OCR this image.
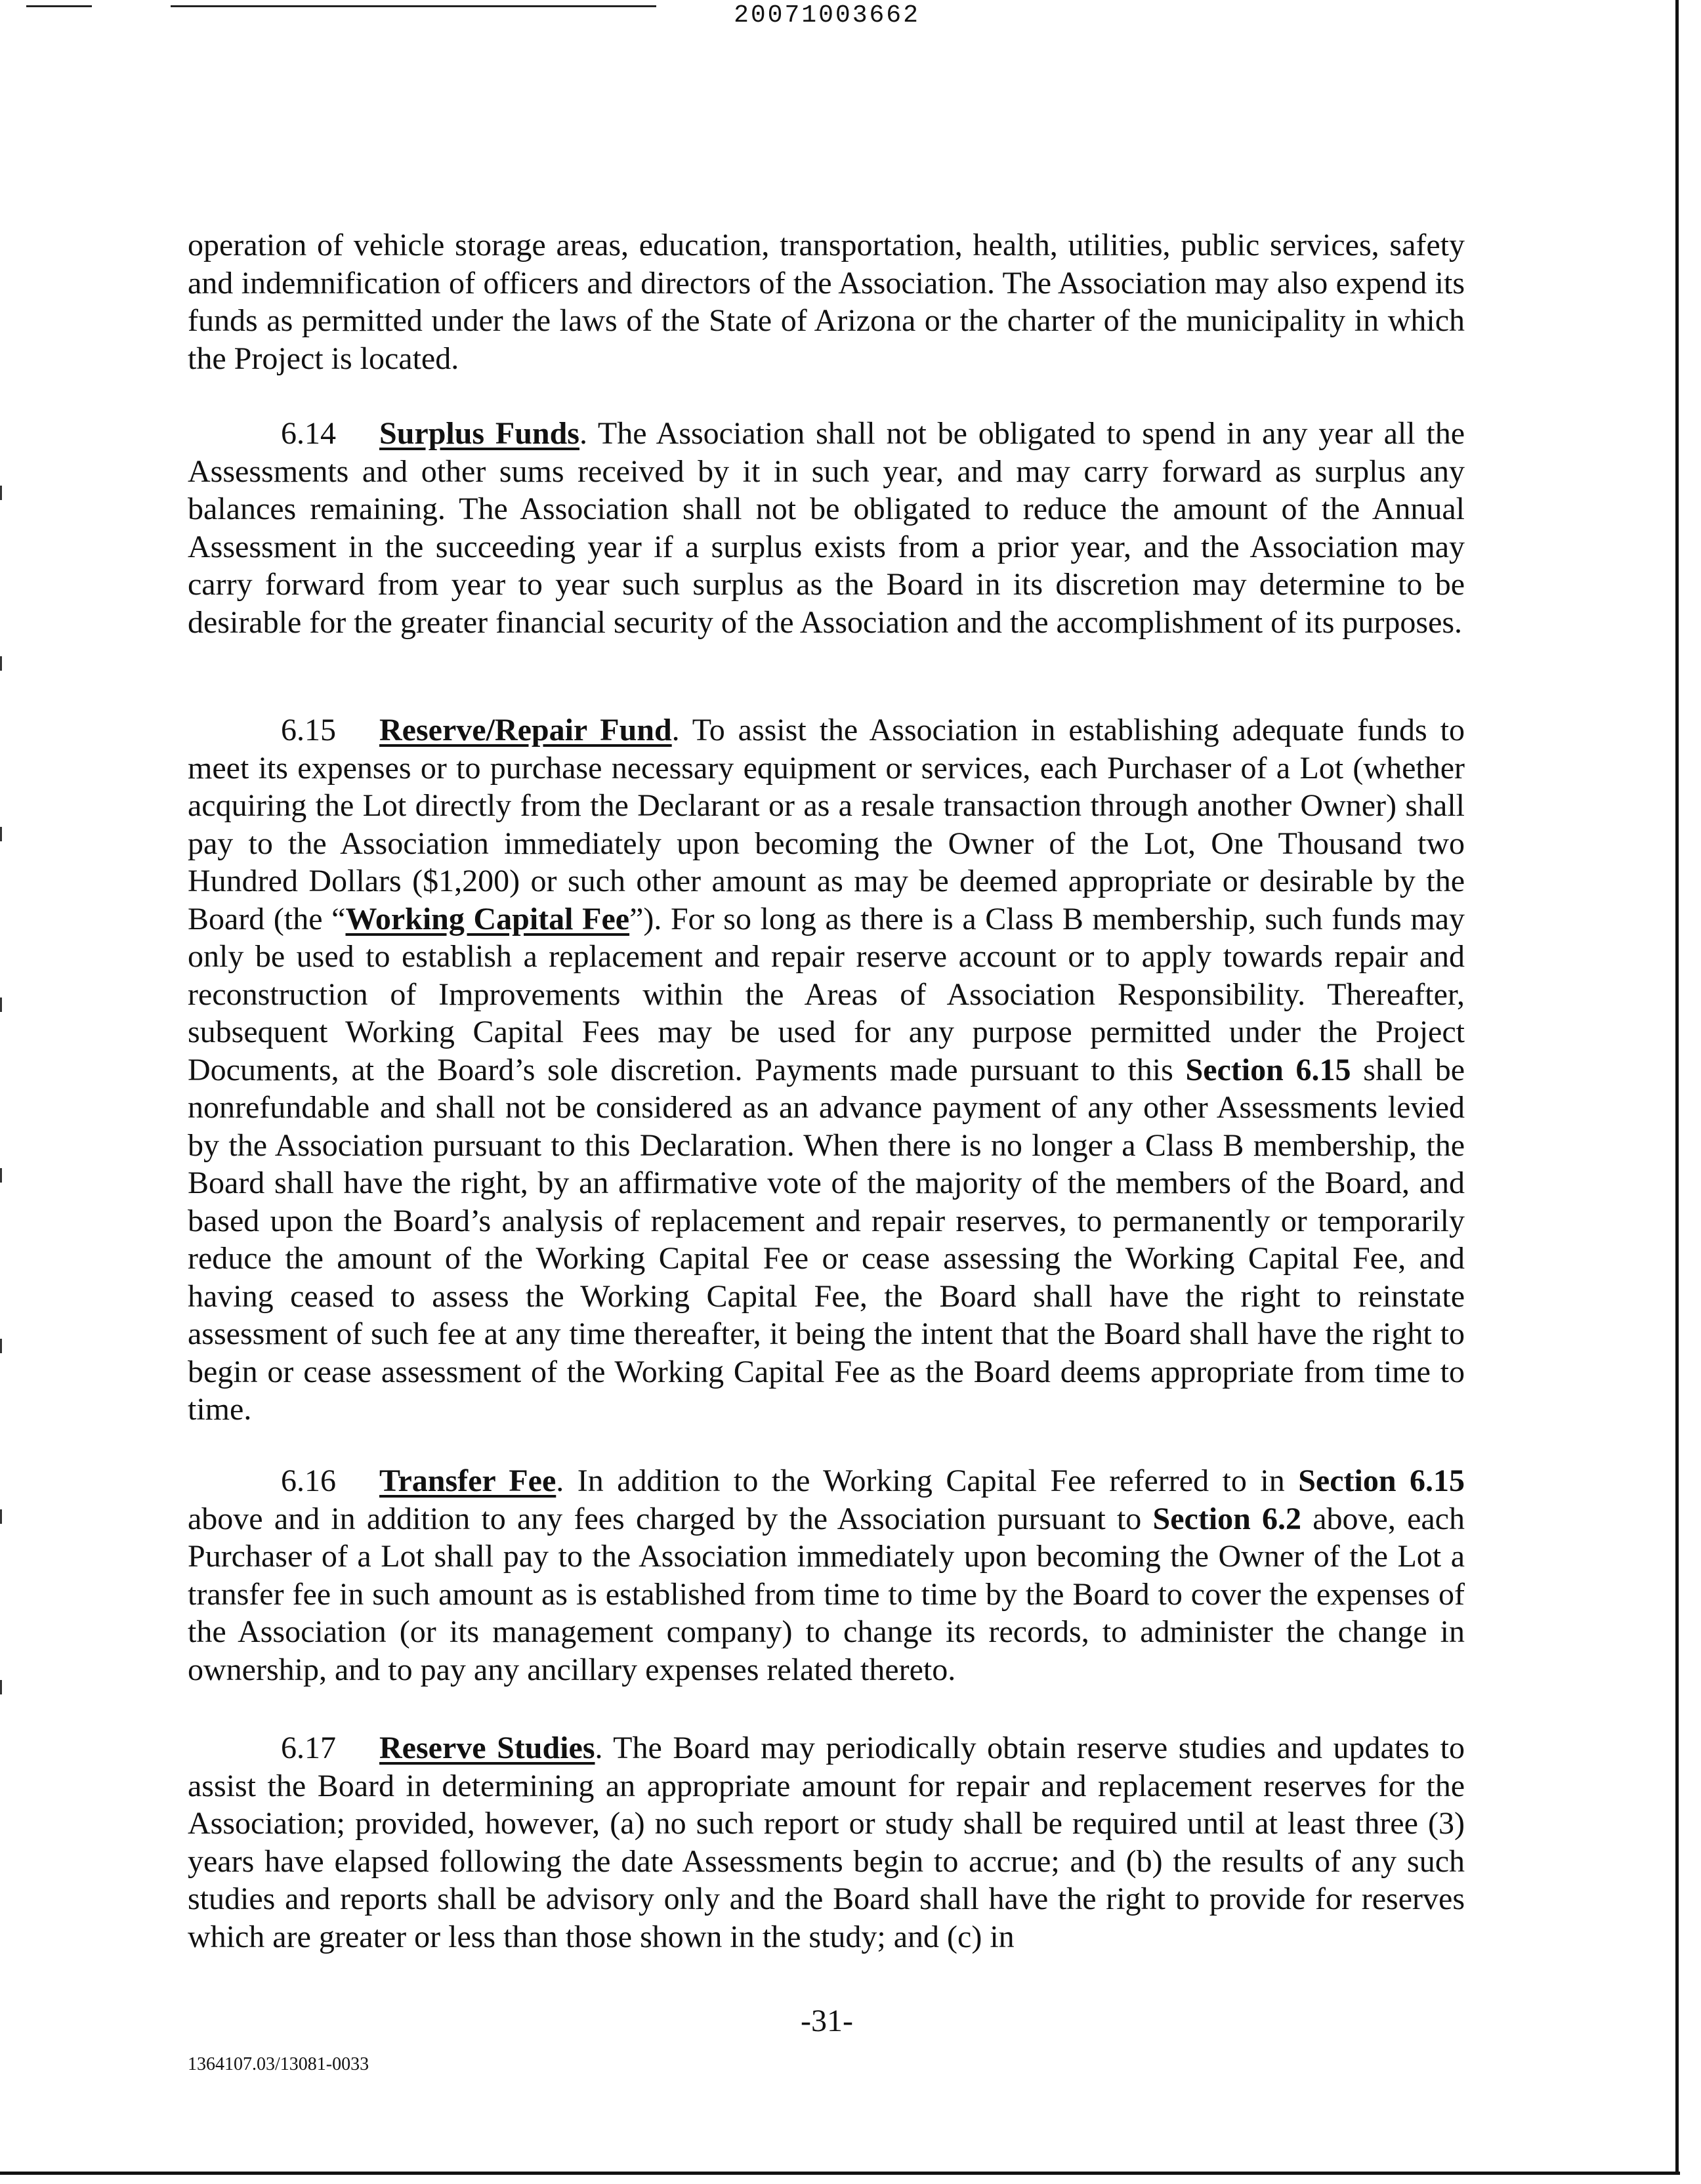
20071003662

operation of vehicle storage areas, education, transportation, health, utilities, public services, safety and indemnification of officers and directors of the Association. The Association may also expend its funds as permitted under the laws of the State of Arizona or the charter of the municipality in which the Project is located.

6.14 Surplus Funds. The Association shall not be obligated to spend in any year all the Assessments and other sums received by it in such year, and may carry forward as surplus any balances remaining. The Association shall not be obligated to reduce the amount of the Annual Assessment in the succeeding year if a surplus exists from a prior year, and the Association may carry forward from year to year such surplus as the Board in its discretion may determine to be desirable for the greater financial security of the Association and the accomplishment of its purposes.

6.15 Reserve/Repair Fund. To assist the Association in establishing adequate funds to meet its expenses or to purchase necessary equipment or services, each Purchaser of a Lot (whether acquiring the Lot directly from the Declarant or as a resale transaction through another Owner) shall pay to the Association immediately upon becoming the Owner of the Lot, One Thousand two Hundred Dollars ($1,200) or such other amount as may be deemed appropriate or desirable by the Board (the “Working Capital Fee”). For so long as there is a Class B membership, such funds may only be used to establish a replacement and repair reserve account or to apply towards repair and reconstruction of Improvements within the Areas of Association Responsibility. Thereafter, subsequent Working Capital Fees may be used for any purpose permitted under the Project Documents, at the Board’s sole discretion. Payments made pursuant to this Section 6.15 shall be nonrefundable and shall not be considered as an advance payment of any other Assessments levied by the Association pursuant to this Declaration. When there is no longer a Class B membership, the Board shall have the right, by an affirmative vote of the majority of the members of the Board, and based upon the Board’s analysis of replacement and repair reserves, to permanently or temporarily reduce the amount of the Working Capital Fee or cease assessing the Working Capital Fee, and having ceased to assess the Working Capital Fee, the Board shall have the right to reinstate assessment of such fee at any time thereafter, it being the intent that the Board shall have the right to begin or cease assessment of the Working Capital Fee as the Board deems appropriate from time to time.

6.16 Transfer Fee. In addition to the Working Capital Fee referred to in Section 6.15 above and in addition to any fees charged by the Association pursuant to Section 6.2 above, each Purchaser of a Lot shall pay to the Association immediately upon becoming the Owner of the Lot a transfer fee in such amount as is established from time to time by the Board to cover the expenses of the Association (or its management company) to change its records, to administer the change in ownership, and to pay any ancillary expenses related thereto.

6.17 Reserve Studies. The Board may periodically obtain reserve studies and updates to assist the Board in determining an appropriate amount for repair and replacement reserves for the Association; provided, however, (a) no such report or study shall be required until at least three (3) years have elapsed following the date Assessments begin to accrue; and (b) the results of any such studies and reports shall be advisory only and the Board shall have the right to provide for reserves which are greater or less than those shown in the study; and (c) in

-31-
1364107.03/13081-0033
